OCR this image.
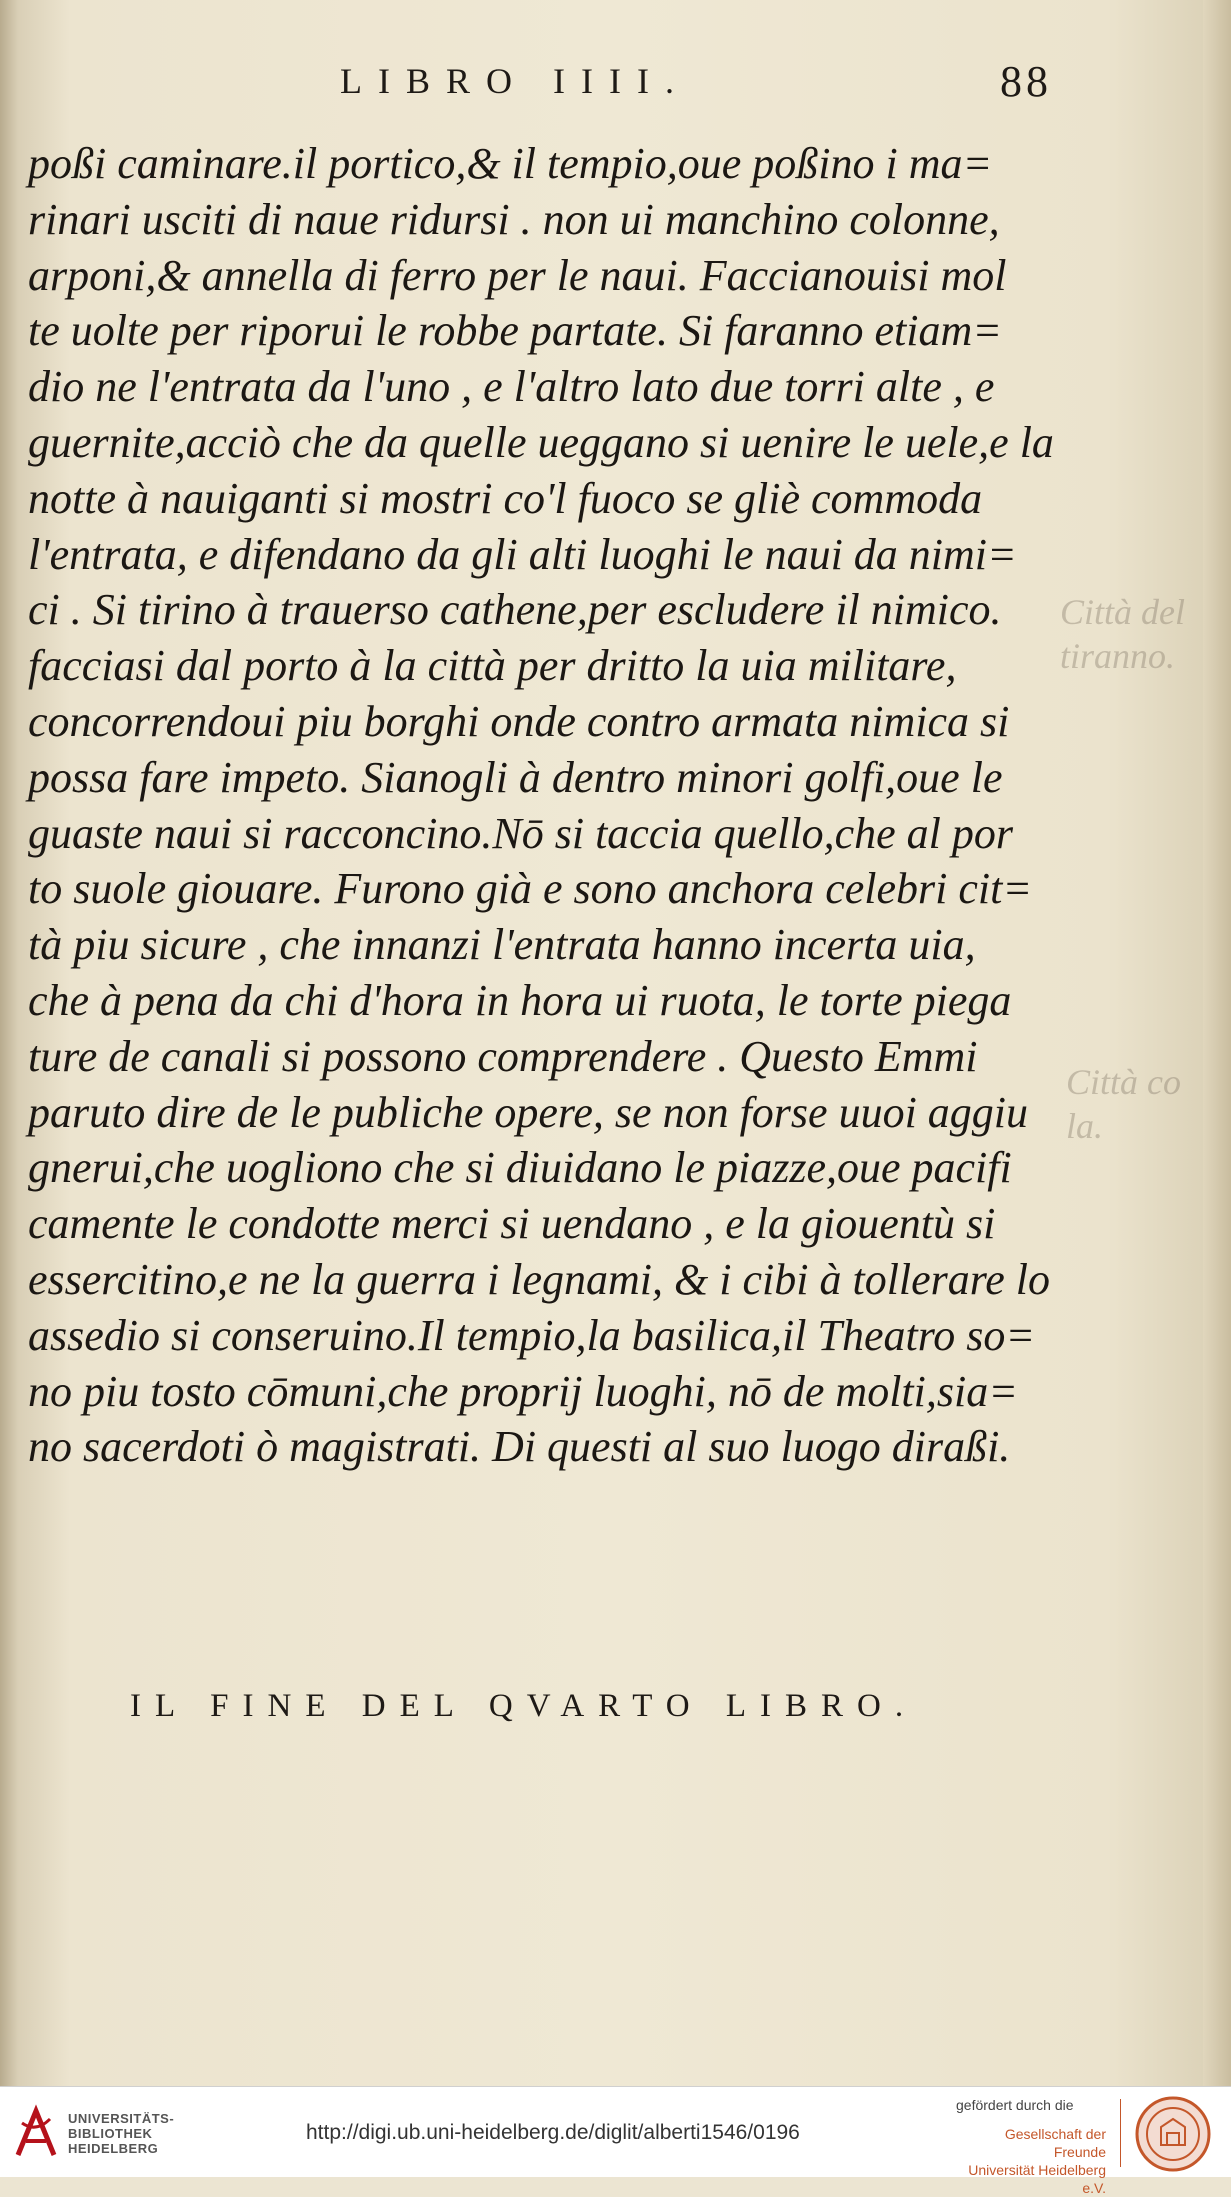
LIBRO IIII.	88
Città del
tiranno.
Città co
la.
poßi caminare.il portico,& il tempio,oue poßino i ma=
rinari usciti di naue ridursi . non ui manchino colonne,
arponi,& annella di ferro per le naui. Faccianouisi mol
te uolte per riporui le robbe partate. Si faranno etiam=
dio ne l'entrata da l'uno , e l'altro lato due torri alte , e
guernite,acciò che da quelle ueggano si uenire le uele,e la
notte à nauiganti si mostri co'l fuoco se gliè commoda
l'entrata, e difendano da gli alti luoghi le naui da nimi=
ci . Si tirino à trauerso cathene,per escludere il nimico.
facciasi dal porto à la città per dritto la uia militare,
concorrendoui piu borghi onde contro armata nimica si
possa fare impeto. Sianogli à dentro minori golfi,oue le
guaste naui si racconcino.Nō si taccia quello,che al por
to suole giouare. Furono già e sono anchora celebri cit=
tà piu sicure , che innanzi l'entrata hanno incerta uia,
che à pena da chi d'hora in hora ui ruota, le torte piega
ture de canali si possono comprendere . Questo Emmi
paruto dire de le publiche opere, se non forse uuoi aggiu
gnerui,che uogliono che si diuidano le piazze,oue pacifi
camente le condotte merci si uendano , e la giouentù si
essercitino,e ne la guerra i legnami, & i cibi à tollerare lo
assedio si conseruino.Il tempio,la basilica,il Theatro so=
no piu tosto cōmuni,che proprij luoghi, nō de molti,sia=
no sacerdoti ò magistrati. Di questi al suo luogo diraßi.
IL FINE DEL QVARTO LIBRO.
UNIVERSITÄTS-
BIBLIOTHEK
HEIDELBERG
http://digi.ub.uni-heidelberg.de/diglit/alberti1546/0196
gefördert durch die
Gesellschaft der Freunde
Universität Heidelberg e.V.
